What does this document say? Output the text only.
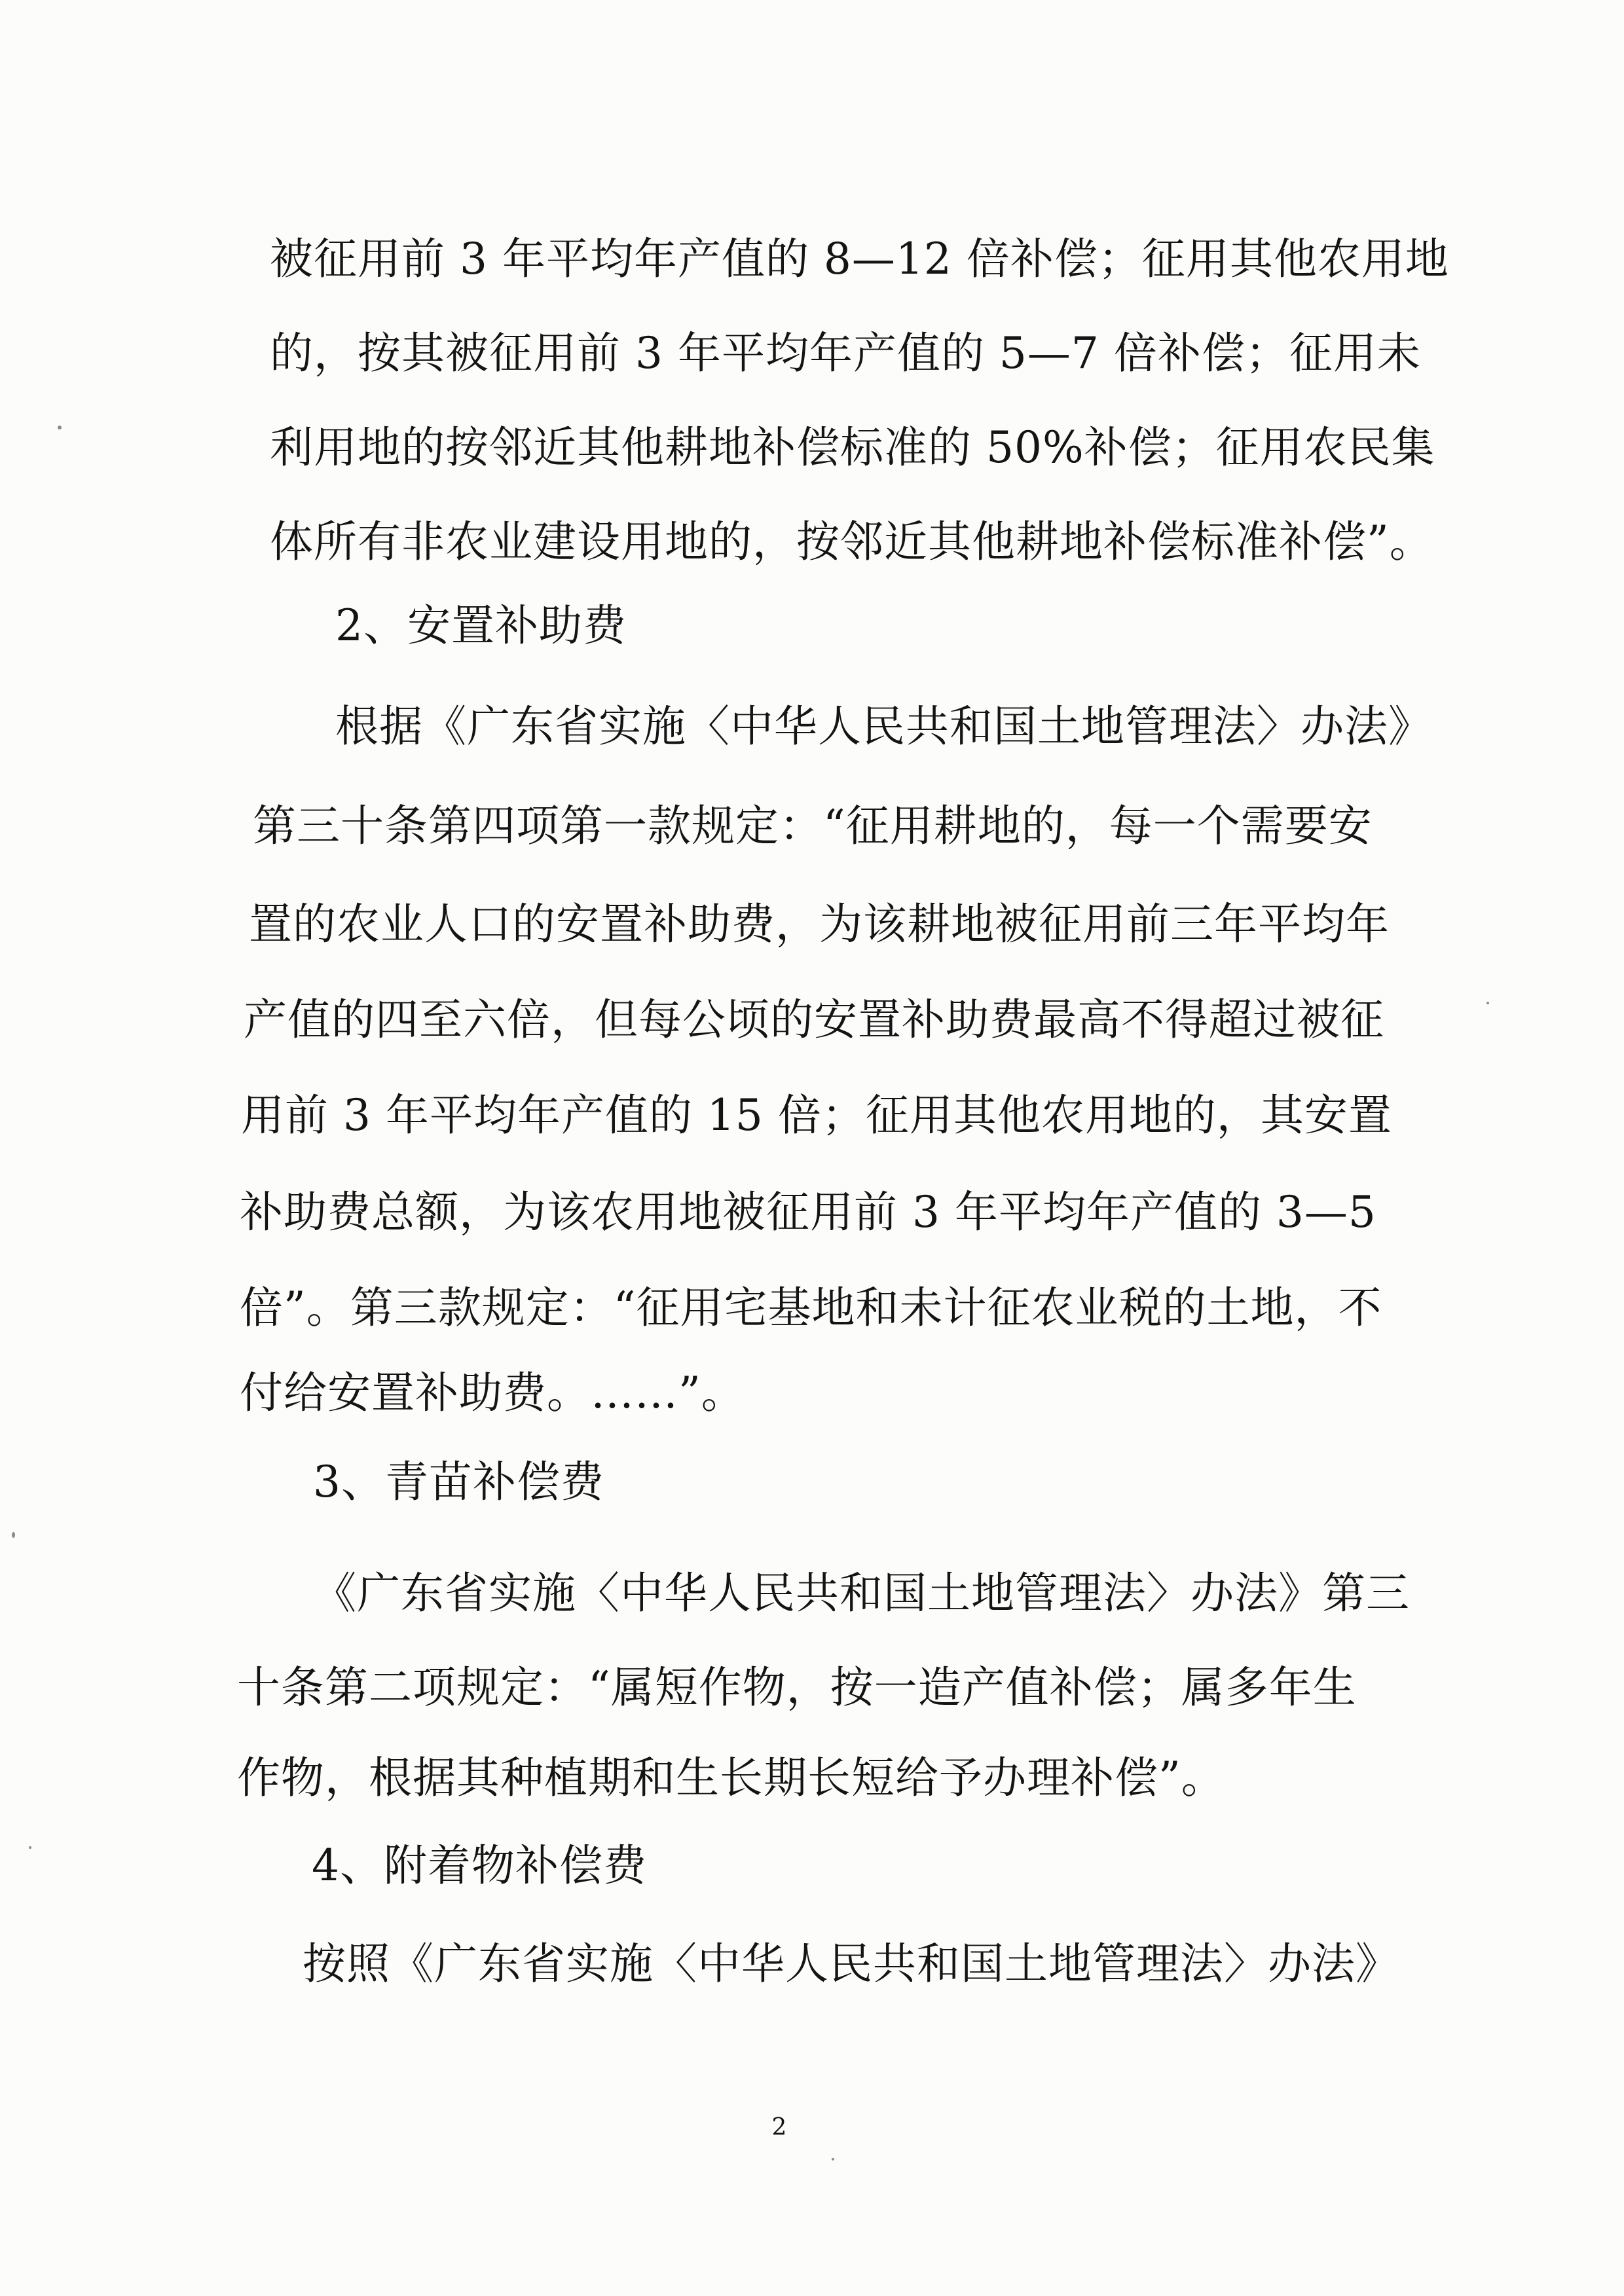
被征用前 3 年平均年产值的 8—12 倍补偿；征用其他农用地
的，按其被征用前 3 年平均年产值的 5—7 倍补偿；征用未
利用地的按邻近其他耕地补偿标准的 50%补偿；征用农民集
体所有非农业建设用地的，按邻近其他耕地补偿标准补偿”。
2、安置补助费
根据《广东省实施〈中华人民共和国土地管理法〉办法》
第三十条第四项第一款规定：“征用耕地的，每一个需要安
置的农业人口的安置补助费，为该耕地被征用前三年平均年
产值的四至六倍，但每公顷的安置补助费最高不得超过被征
用前 3 年平均年产值的 15 倍；征用其他农用地的，其安置
补助费总额，为该农用地被征用前 3 年平均年产值的 3—5
倍”。第三款规定：“征用宅基地和未计征农业税的土地，不
付给安置补助费。……”。
3、青苗补偿费
《广东省实施〈中华人民共和国土地管理法〉办法》第三
十条第二项规定：“属短作物，按一造产值补偿；属多年生
作物，根据其种植期和生长期长短给予办理补偿”。
4、附着物补偿费
按照《广东省实施〈中华人民共和国土地管理法〉办法》
2
